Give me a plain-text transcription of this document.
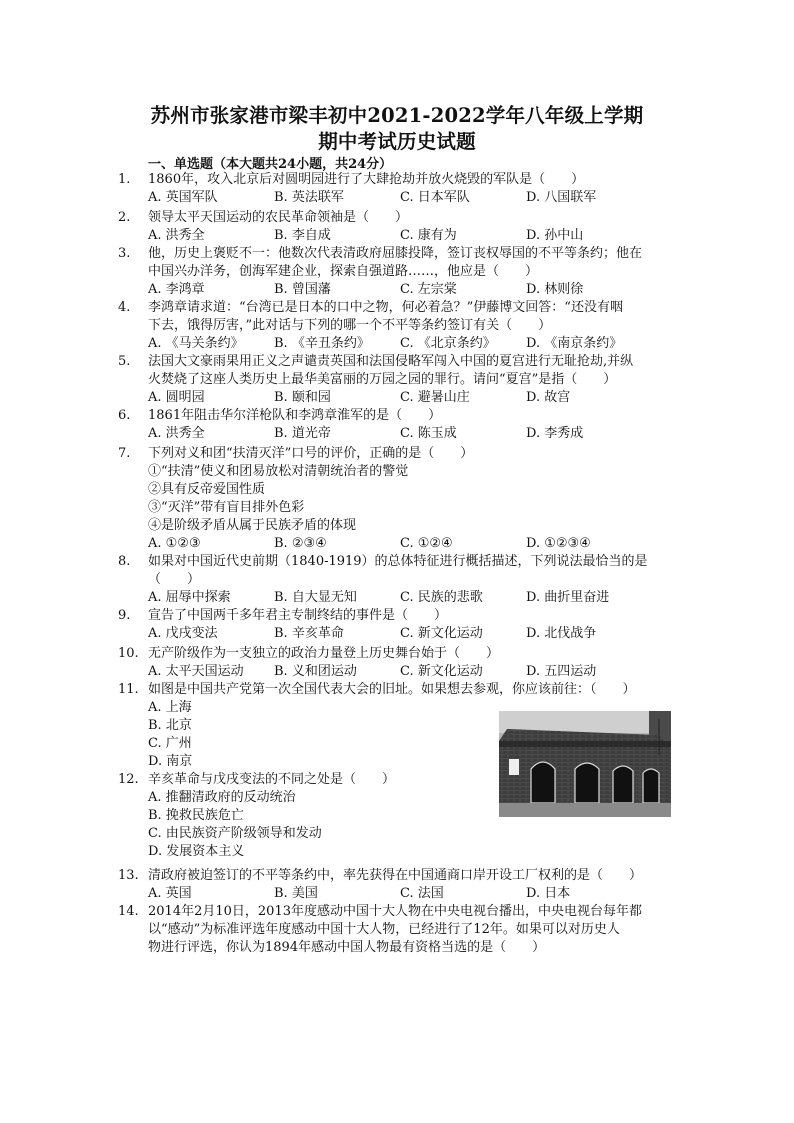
苏州市张家港市梁丰初中2021-2022学年八年级上学期
期中考试历史试题
一、单选题（本大题共24小题，共24分）
1. 1860年，攻入北京后对圆明园进行了大肆抢劫并放火烧毁的军队是（　　）
A. 英国军队	B. 英法联军	C. 日本军队	D. 八国联军
2. 领导太平天国运动的农民革命领袖是（　　）
A. 洪秀全	B. 李自成	C. 康有为	D. 孙中山
3. 他，历史上褒贬不一：他数次代表清政府屈膝投降，签订丧权辱国的不平等条约；他在
中国兴办洋务，创海军建企业，探索自强道路……，他应是（　　）
A. 李鸿章	B. 曾国藩	C. 左宗棠	D. 林则徐
4. 李鸿章请求道：“台湾已是日本的口中之物，何必着急？”伊藤博文回答：“还没有咽
下去，饿得厉害，”此对话与下列的哪一个不平等条约签订有关（　　）
A. 《马关条约》 B. 《辛丑条约》 C. 《北京条约》 D. 《南京条约》
5. 法国大文豪雨果用正义之声谴责英国和法国侵略军闯入中国的夏宫进行无耻抢劫,并纵
火焚烧了这座人类历史上最华美富丽的万园之园的罪行。请问“夏宫”是指（　　）
A. 圆明园	B. 颐和园	C. 避暑山庄	D. 故宫
6. 1861年阻击华尔洋枪队和李鸿章淮军的是（　　）
A. 洪秀全	B. 道光帝	C. 陈玉成	D. 李秀成
7. 下列对义和团“扶清灭洋”口号的评价，正确的是（　　）
①“扶清”使义和团易放松对清朝统治者的警觉
②具有反帝爱国性质
③“灭洋”带有盲目排外色彩
④是阶级矛盾从属于民族矛盾的体现
A. ①②③	B. ②③④	C. ①②④	D. ①②③④
8. 如果对中国近代史前期（1840-1919）的总体特征进行概括描述，下列说法最恰当的是
（　　）
A. 屈辱中探索	B. 自大显无知	C. 民族的悲歌	D. 曲折里奋进
9. 宣告了中国两千多年君主专制终结的事件是（　　）
A. 戊戌变法	B. 辛亥革命	C. 新文化运动	D. 北伐战争
10. 无产阶级作为一支独立的政治力量登上历史舞台始于（　　）
A. 太平天国运动 B. 义和团运动	C. 新文化运动	D. 五四运动
11. 如图是中国共产党第一次全国代表大会的旧址。如果想去参观，你应该前往：（　　）
A. 上海
B. 北京
C. 广州
D. 南京
12. 辛亥革命与戊戌变法的不同之处是（　　）
A. 推翻清政府的反动统治
B. 挽救民族危亡
C. 由民族资产阶级领导和发动
D. 发展资本主义
13. 清政府被迫签订的不平等条约中，率先获得在中国通商口岸开设工厂权利的是（　　）
A. 英国	B. 美国	C. 法国	D. 日本
14. 2014年2月10日，2013年度感动中国十大人物在中央电视台播出，中央电视台每年都
以“感动”为标准评选年度感动中国十大人物，已经进行了12年。如果可以对历史人
物进行评选，你认为1894年感动中国人物最有资格当选的是（　　）
